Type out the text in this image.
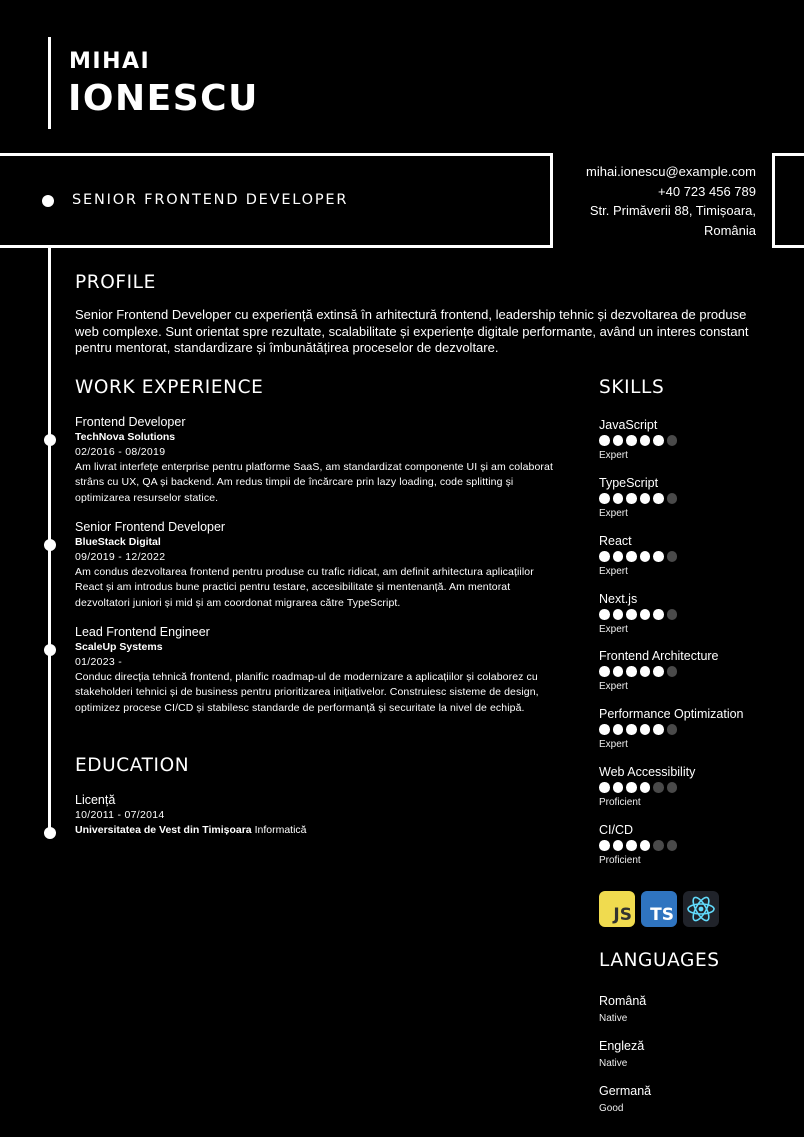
MIHAI
IONESCU
SENIOR FRONTEND DEVELOPER
mihai.ionescu@example.com
+40 723 456 789
Str. Primăverii 88, Timișoara,
România
PROFILE
Senior Frontend Developer cu experiență extinsă în arhitectură frontend, leadership tehnic și dezvoltarea de produse web complexe. Sunt orientat spre rezultate, scalabilitate și experiențe digitale performante, având un interes constant pentru mentorat, standardizare și îmbunătățirea proceselor de dezvoltare.
WORK EXPERIENCE
Frontend Developer
TechNova Solutions
02/2016 - 08/2019
Am livrat interfețe enterprise pentru platforme SaaS, am standardizat componente UI și am colaborat strâns cu UX, QA și backend. Am redus timpii de încărcare prin lazy loading, code splitting și optimizarea resurselor statice.
Senior Frontend Developer
BlueStack Digital
09/2019 - 12/2022
Am condus dezvoltarea frontend pentru produse cu trafic ridicat, am definit arhitectura aplicațiilor React și am introdus bune practici pentru testare, accesibilitate și mentenanță. Am mentorat dezvoltatori juniori și mid și am coordonat migrarea către TypeScript.
Lead Frontend Engineer
ScaleUp Systems
01/2023 -
Conduc direcția tehnică frontend, planific roadmap-ul de modernizare a aplicațiilor și colaborez cu stakeholderi tehnici și de business pentru prioritizarea inițiativelor. Construiesc sisteme de design, optimizez procese CI/CD și stabilesc standarde de performanță și securitate la nivel de echipă.
EDUCATION
Licență
10/2011 - 07/2014
Universitatea de Vest din Timișoara Informatică
SKILLS
JavaScript
Expert
TypeScript
Expert
React
Expert
Next.js
Expert
Frontend Architecture
Expert
Performance Optimization
Expert
Web Accessibility
Proficient
CI/CD
Proficient
JS TS
LANGUAGES
Română
Native
Engleză
Native
Germană
Good
